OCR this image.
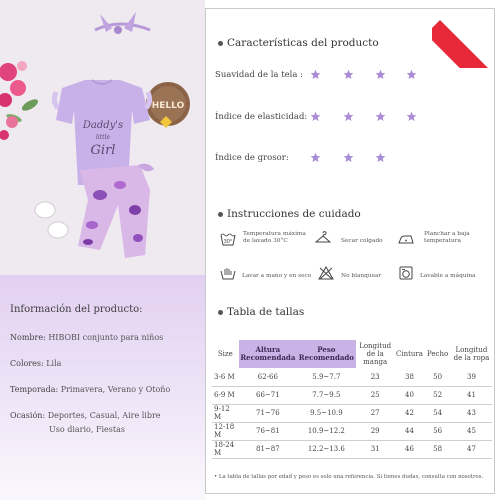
HELLO
Daddy's
little
Girl
Información del producto:
Nombre: HIBOBI conjunto para niños
Colores: Lila
Temporada: Primavera, Verano y Otoño
Ocasión: Deportes, Casual, Aire libre
Uso diario, Fiestas
hibobi
Características del producto
Suavidad de la tela :
Índice de elasticidad:
Índice de grosor:
Instrucciones de cuidado
30°
Temperatura máxima
de lavado 30°C	Secar colgado
Planchar a baja
temperatura
Lavar a mano y en seco	No blanquear	Lavable a máquina
Tabla de tallas
Size	Altura Recomendada	Peso Recomendado	Longitud de la manga	Cintura	Pecho	Longitud de la ropa
3-6 M	62-66	5.9~7.7	23	38	50	39
6-9 M	66~71	7.7~9.5	25	40	52	41
9-12 M	71~76	9.5~10.9	27	42	54	43
12-18 M	76~81	10.9~12.2	29	44	56	45
18-24 M	81~87	12.2~13.6	31	46	58	47
• La tabla de tallas por edad y peso es solo una referencia. Si tienes dudas, consulta con nosotros.
